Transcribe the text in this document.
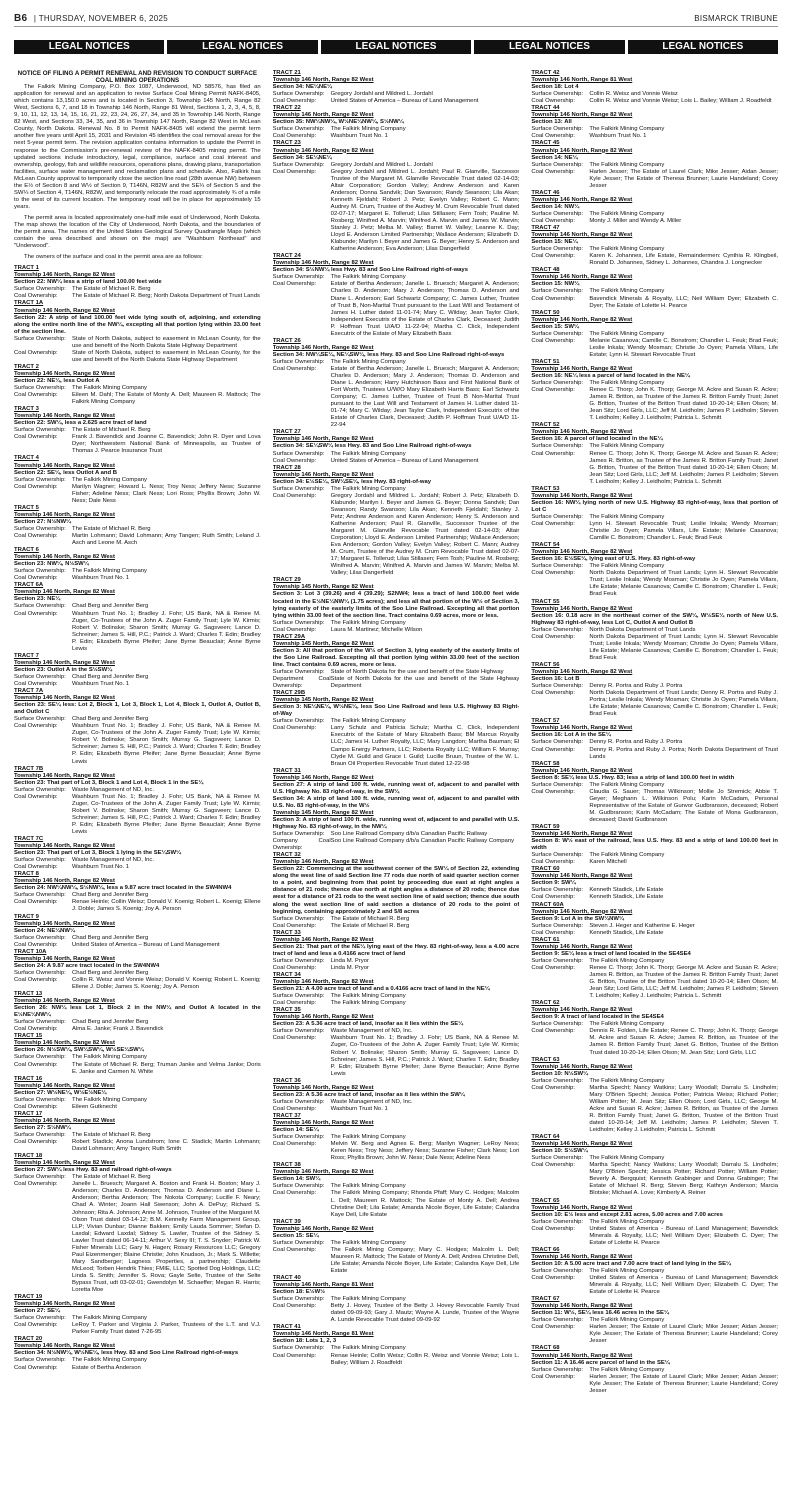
B6 | THURSDAY, NOVEMBER 6, 2025	BISMARCK TRIBUNE
LEGAL NOTICES	LEGAL NOTICES	LEGAL NOTICES	LEGAL NOTICES	LEGAL NOTICES

NOTICE OF FILING A PERMIT RENEWAL AND REVISION TO CONDUCT SURFACE COAL MINING OPERATIONS

The Falkirk Mining Company, P.O. Box 1087, Underwood, ND 58576, has filed an application for renewal and an application to revise Surface Coal Mining Permit NAFK-8405, which contains 13,150.0 acres and is located in Section 3, Township 145 North, Range 82 West, Sections 6, 7, and 18 in Township 146 North, Range 81 West, Sections 1, 2, 3, 4, 5, 8, 9, 10, 11, 12, 13, 14, 15, 16, 21, 22, 23, 24, 26, 27, 34, and 35 in Township 146 North, Range 82 West, and Sections 33, 34, 35, and 36 in Township 147 North, Range 82 West in McLean County, North Dakota. Renewal No. 8 to Permit NAFK-8405 will extend the permit term another five years until April 15, 2031 and Revision 45 identifies the coal removal areas for the next 5-year permit term. The revision application contains information to update the Permit in response to the Commission's pre-renewal review of the NAFK-8405 mining permit. The updated sections include introductory, legal, compliance, surface and coal interest and ownership, geology, fish and wildlife resources, operations plans, drawing plans, transportation facilities, surface water management and reclamation plans and schedule. Also, Falkirk has McLean County approval to temporarily close the section line road (28th avenue NW) between the E½ of Section 8 and W½ of Section 9, T146N, R82W and the SE¼ of Section 5 and the SW¼ of Section 4, T146N, R82W, and temporarily relocate the road approximately ¾ of a mile to the west of its current location. The temporary road will be in place for approximately 15 years.

The permit area is located approximately one-half mile east of Underwood, North Dakota. The map shows the location of the City of Underwood, North Dakota, and the boundaries of the permit area. The names of the United States Geological Survey Quadrangle Maps (which contain the area described and shown on the map) are "Washburn Northeast" and "Underwood".

The owners of the surface and coal in the permit area are as follows:

TRACT 1

Township 146 North, Range 82 West

Section 22: NW¼ less a strip of land 100.00 feet wide

Surface Ownership:	The Estate of Michael R. Berg
Coal Ownership:	The Estate of Michael R. Berg; North Dakota Department of Trust Lands

TRACT 1A

Township 146 North, Range 82 West

Section 22: A strip of land 100.00 feet wide lying south of, adjoining, and extending along the entire north line of the NW¼, excepting all that portion lying within 33.00 feet of the section line.

Surface Ownership:	State of North Dakota, subject to easement in McLean County, for the use and benefit of the North Dakota State Highway Department
Coal Ownership:	State of North Dakota, subject to easement in McLean County, for the use and benefit of the North Dakota State Highway Department

TRACT 2

Township 146 North, Range 82 West

Section 22: NE¼, less Outlot A

Surface Ownership:	The Falkirk Mining Company
Coal Ownership:	Eileen M. Dahl; The Estate of Monty A. Dell; Maureen R. Mattock; The Falkirk Mining Company

TRACT 3

Township 146 North, Range 82 West

Section 22: SW¼, less a 2.625 acre tract of land

Surface Ownership:	The Estate of Michael R. Berg
Coal Ownership:	Frank J. Bavendick and Joanne C. Bavendick; John R. Dyer and Lova Dyer; Northwestern National Bank of Minneapolis, as Trustee of Thomas J. Pearce Insurance Trust

TRACT 4

Township 146 North, Range 82 West

Section 22: SE¼, less Outlot A and B

Surface Ownership:	The Falkirk Mining Company
Coal Ownership:	Marilyn Wagner; Howard L. Ness; Troy Ness; Jeffery Ness; Suzanne Fisher; Adeline Ness; Clark Ness; Lori Ross; Phyllis Brown; John W. Ness; Dale Ness

TRACT 5

Township 146 North, Range 82 West

Section 27: N½NW¼

Surface Ownership:	The Estate of Michael R. Berg
Coal Ownership:	Martin Lohmann; David Lohmann; Amy Tangen; Ruth Smith; Leland J. Asch and Leone M. Asch

TRACT 6

Township 146 North, Range 82 West

Section 23: NW¼, N½SW¼

Surface Ownership:	The Falkirk Mining Company
Coal Ownership:	Washburn Trust No. 1

TRACT 6A

Township 146 North, Range 82 West

Section 23: NE¼

Surface Ownership:	Chad Berg and Jennifer Berg
Coal Ownership:	Washburn Trust No. 1; Bradley J. Fohr; US Bank, NA & Renee M. Zuger, Co-Trustees of the John A. Zuger Family Trust; Lyle W. Kirmis; Robert V. Bolinske; Sharon Smith; Murray G. Sagsveen; Lance D. Schreiner; James S. Hill, P.C.; Patrick J. Ward; Charles T. Edin; Bradley P. Edin; Elizabeth Byrne Pfeifer; Jane Byrne Beauclair; Anne Byrne Lewis

TRACT 7

Township 146 North, Range 82 West

Section 23: Outlot A in the S½SW¼

Surface Ownership:	Chad Berg and Jennifer Berg
Coal Ownership:	Washburn Trust No. 1

TRACT 7A

Township 146 North, Range 82 West

Section 23: SE¼ less: Lot 2, Block 1, Lot 3, Block 1, Lot 4, Block 1, Outlot A, Outlot B, and Outlot C

Surface Ownership:	Chad Berg and Jennifer Berg
Coal Ownership:	Washburn Trust No. 1; Bradley J. Fohr; US Bank, NA & Renee M. Zuger, Co-Trustees of the John A. Zuger Family Trust; Lyle W. Kirmis; Robert V. Bolinske; Sharon Smith; Murray G. Sagsveen; Lance D. Schreiner; James S. Hill, P.C.; Patrick J. Ward; Charles T. Edin; Bradley P. Edin; Elizabeth Byrne Pfeifer; Jane Byrne Beauclair; Anne Byrne Lewis

TRACT 7B

Township 146 North, Range 82 West

Section 23: That part of Lot 3, Block 1 and Lot 4, Block 1 in the SE¼

Surface Ownership:	Waste Management of ND, Inc.
Coal Ownership:	Washburn Trust No. 1; Bradley J. Fohr; US Bank, NA & Renee M. Zuger, Co-Trustees of the John A. Zuger Family Trust; Lyle W. Kirmis; Robert V. Bolinske; Sharon Smith; Murray G. Sagsveen; Lance D. Schreiner; James S. Hill, P.C.; Patrick J. Ward; Charles T. Edin; Bradley P. Edin; Elizabeth Byrne Pfeifer; Jane Byrne Beauclair; Anne Byrne Lewis

TRACT 7C

Township 146 North, Range 82 West

Section 23: That part of Lot 3, Block 1 lying in the SE¼SW¼

Surface Ownership:	Waste Management of ND, Inc.
Coal Ownership:	Washburn Trust No. 1

TRACT 8

Township 146 North, Range 82 West

Section 24: NW¼NW¼, S½NW¼, less a 9.87 acre tract located in the SW4NW4

Surface Ownership:	Chad Berg and Jennifer Berg
Coal Ownership:	Renae Heinle; Collin Weisz; Donald V. Koenig; Robert L. Koenig; Ellene J. Doble; James S. Koenig; Joy A. Person

TRACT 9

Township 146 North, Range 82 West

Section 24: NE¼NW¼

Surface Ownership:	Chad Berg and Jennifer Berg
Coal Ownership:	United States of America – Bureau of Land Management

TRACT 10A

Township 146 North, Range 82 West

Section 24: A 9.87 acre tract located in the SW4NW4

Surface Ownership:	Chad Berg and Jennifer Berg
Coal Ownership:	Collin R. Weisz and Vonnie Weisz; Donald V. Koenig; Robert L. Koenig; Ellene J. Doble; James S. Koenig; Joy A. Person

TRACT 13

Township 146 North, Range 82 West

Section 26: NW¼ less Lot 1, Block 2 in the NW¼ and Outlot A located in the E½NE¼NW¼

Surface Ownership:	Chad Berg and Jennifer Berg
Coal Ownership:	Alma E. Janke; Frank J. Bavendick

TRACT 15

Township 146 North, Range 82 West

Section 26: N½SW¼, SW¼SW¼, W½SE¼SW¼

Surface Ownership:	The Falkirk Mining Company
Coal Ownership:	The Estate of Michael R. Berg; Truman Janke and Velma Janke; Doris E. Janke and Carmen N. White

TRACT 16

Township 146 North, Range 82 West

Section 27: W½NE¼, W½E½NE¼

Surface Ownership:	The Falkirk Mining Company
Coal Ownership:	Eileen Gutknecht

TRACT 17

Township 146 North, Range 82 West

Section 27: S½NW¼

Surface Ownership:	The Estate of Michael R. Berg
Coal Ownership:	Robert Stadick; Anona Lundstrom; Ione C. Stadick; Martin Lohmann; David Lohmann; Amy Tangen; Ruth Smith

TRACT 18

Township 146 North, Range 82 West

Section 27: SW¼ less Hwy. 83 and railroad right-of-ways

Surface Ownership:	The Estate of Michael R. Berg
Coal Ownership:	Janelle L. Bruesch; Margaret A. Boston and Frank H. Boston; Mary J. Anderson; Charles D. Anderson; Thomas D. Anderson and Diane L. Anderson; Bertha Anderson; The Nokota Company; Lucille F. Neary; Chad A. Winter; Joann Hall Swenson; John A. DePuy; Richard S. Johnson; Rita A. Johnson; Anne M. Johnson, Trustee of the Margaret M. Olson Trust dated 03-14-12; B.M. Kennelly Farm Management Group, LLP; Vivian Dunbar; Dianne Bakken; Emily Lauda Sommer; Stefan D. Laxdal; Edward Laxdal; Sidney S. Lawler, Trustee of the Sidney S. Lawler Trust dated 06-14-11; Arthur V. Sexy III; T. S. Snyder; Patrick W. Fisher Minerals LLC; Gary N. Hagen; Rosary Resources LLC; Gregory Paul Eizenmenger; Blaine Christie; John Knudson, Jr.; Mark S. Willette; Mary Sandberger; Lagness Properties, a partnership; Claudette McLeod; Torben Hendrik Thies; FMIE, LLC; Spotted Dog Holdings, LLC; Linda S. Smith; Jennifer S. Rova; Gayle Selte, Trustee of the Selte Bypass Trust, udt 03-02-01; Gwendolyn M. Schaeffer; Megan R. Harris; Loretta Moe

TRACT 19

Township 146 North, Range 82 West

Section 27: SE¼

Surface Ownership:	The Falkirk Mining Company
Coal Ownership:	LeRoy T. Parker and Virginia J. Parker, Trustees of the L.T. and V.J. Parker Family Trust dated 7-26-95

TRACT 20

Township 146 North, Range 82 West

Section 34: N½NW¼, W½NE¼, less Hwy. 83 and Soo Line Railroad right-of-ways

Surface Ownership:	The Falkirk Mining Company
Coal Ownership:	Estate of Bertha Anderson

TRACT 21

Township 146 North, Range 82 West

Section 34: NE¼NE¼

Surface Ownership:	Gregory Jordahl and Mildred L. Jordahl
Coal Ownership:	United States of America – Bureau of Land Management

TRACT 22

Township 146 North, Range 82 West

Section 35: NW¼NW¼, W½NE¼NW¼, S½NW¼

Surface Ownership:	The Falkirk Mining Company
Coal Ownership:	Washburn Trust No. 1

TRACT 23

Township 146 North, Range 82 West

Section 34: SE¼NE¼

Surface Ownership:	Gregory Jordahl and Mildred L. Jordahl
Coal Ownership:	Gregory Jordahl and Mildred L. Jordahl; Paul R. Glanville, Successor Trustee of the Margaret M. Glanville Revocable Trust dated 02-14-03; Altair Corporation; Gordon Valley; Andrew Anderson and Karen Anderson; Donna Sandvik; Dan Swanson; Randy Swanson; Lila Akan; Kenneth Fjeldahl; Robert J. Petz; Evelyn Valley; Robert C. Mann; Audrey M. Crum, Trustee of the Audrey M. Crum Revocable Trust dated 02-07-17; Margaret E. Tollerud; Lilas Stillasen; Fern Tosh; Pauline M. Rosberg; Winifred A. Marvin; Winifred A. Marvin and James W. Marvin; Stanley J. Petz; Melba M. Valley; Barret W. Valley; Leanne K. Day; Lloyd E. Anderson Limited Partnership; Wallace Anderson; Elizabeth D. Klabunde; Marilyn I. Beyer and James G. Beyer; Henry S. Anderson and Katherine Anderson; Eva Anderson; Lilas Dangerfield

TRACT 24

Township 146 North, Range 82 West

Section 34: S½NW¼ less Hwy. 83 and Soo Line Railroad right-of-ways

Surface Ownership:	The Falkirk Mining Company
Coal Ownership:	Estate of Bertha Anderson; Janelle L. Bruesch; Margaret A. Anderson; Charles D. Anderson; Mary J. Anderson; Thomas D. Anderson and Diane L. Anderson; Earl Schwartz Company; C. James Luther, Trustee of Trust B, Non-Marital Trust pursuant to the Last Will and Testament of James H. Luther dated 11-01-74; Mary C. Wilday; Jean Taylor Clark, Independent Executrix of the Estate of Charles Clark, Deceased; Judith P. Hoffman Trust U/A/D 11-22-94; Martha C. Click, Independent Executrix of the Estate of Mary Elizabeth Bass

TRACT 26

Township 146 North, Range 82 West

Section 34: NW¼SE¼, NE¼SW¼, less Hwy. 83 and Soo Line Railroad right-of-ways

Surface Ownership:	The Falkirk Mining Company
Coal Ownership:	Estate of Bertha Anderson; Janelle L. Bruesch; Margaret A. Anderson; Charles D. Anderson; Mary J. Anderson; Thomas D. Anderson and Diane L. Anderson; Harry Hutchinson Bass and First National Bank of Fort Worth, Trustees U/W/O Mary Elizabeth Harris Bass; Earl Schwartz Company; C. James Luther, Trustee of Trust B Non-Marital Trust pursuant to the Last Will and Testament of James H. Luther dated 11-01-74; Mary C. Wilday; Jean Taylor Clark, Independent Executrix of the Estate of Charles Clark, Deceased; Judith P. Hoffman Trust U/A/D 11-22-94

TRACT 27

Township 146 North, Range 82 West

Section 34: SE¼SW¼ less Hwy. 83 and Soo Line Railroad right-of-ways

Surface Ownership:	The Falkirk Mining Company
Coal Ownership:	United States of America – Bureau of Land Management

TRACT 28

Township 146 North, Range 82 West

Section 34: E½SE¼, SW¼SE¼, less Hwy. 83 right-of-way

Surface Ownership:	The Falkirk Mining Company
Coal Ownership:	Gregory Jordahl and Mildred L. Jordahl; Robert J. Petz; Elizabeth D. Klabunde; Marilyn I. Beyer and James G. Beyer; Donna Sandvik; Dan Swanson; Randy Swanson; Lila Akan; Kenneth Fjeldahl; Stanley J. Petz; Andrew Anderson and Karen Anderson; Henry S. Anderson and Katherine Anderson; Paul R. Glanville, Successor Trustee of the Margaret M. Glanville Revocable Trust dated 02-14-03; Altair Corporation; Lloyd E. Anderson Limited Partnership; Wallace Anderson; Eva Anderson; Gordon Valley; Evelyn Valley; Robert C. Mann; Audrey M. Crum, Trustee of the Audrey M. Crum Revocable Trust dated 02-07-17; Margaret E. Tollerud; Lilas Stillasen; Fern Tosh; Pauline M. Rosberg; Winifred A. Marvin; Winifred A. Marvin and James W. Marvin; Melba M. Valley; Lilas Dangerfield

TRACT 29

Township 145 North, Range 82 West

Section 3: Lot 3 (39.26) and 4 (39.29); S2NW4; less a tract of land 100.00 feet wide located in the E½NE¼NW¼ (1.75 acres); and less all that portion of the W½ of Section 3, lying easterly of the easterly limits of the Soo Line Railroad. Excepting all that portion lying within 33.00 feet of the section line. Tract contains 0.69 acres, more or less.

Surface Ownership:	The Falkirk Mining Company
Coal Ownership:	Laura M. Martinez; Michelle Wilson

TRACT 29A

Township 145 North, Range 82 West

Section 3: All that portion of the W½ of Section 3, lying easterly of the easterly limits of the Soo Line Railroad. Excepting all that portion lying within 33.00 feet of the section line. Tract contains 0.69 acres, more or less.

Surface Ownership:	State of North Dakota for the use and benefit of the State Highway
Department Coal Ownership:
State of North Dakota for the use and benefit of the State Highway Department

TRACT 29B

Township 145 North, Range 82 West

Section 3: NE¼NE¼, W½NE¼, less Soo Line Railroad and less U.S. Highway 83 Right-of-Way

Surface Ownership:	The Falkirk Mining Company
Coal Ownership:	Larry Schulz and Patricia Schulz; Martha C. Click, Independent Executrix of the Estate of Mary Elizabeth Bass; BM Marcus Royalty LLC; James H. Luther Royalty, LLC; Mary Langdon; Martha Bauman; El Campo Energy Partners, LLC; Roberta Royalty LLC; William F. Murray; Clyde M. Guild and Grace I. Guild; Lucille Bruun, Trustee of the W. L. Braun Oil Properties Revocable Trust dated 12-22-98

TRACT 31

Township 146 North, Range 82 West

Section 27: A strip of land 100 ft. wide, running west of, adjacent to and parallel with U.S. Highway No. 83 right-of-way, in the SW¼

Section 34: A strip of land 100 ft. wide, running west of, adjacent to and parallel with U.S. No. 83 right-of-way, in the W½

Township 145 North, Range 82 West

Section 3: A strip of land 100 ft. wide, running west of, adjacent to and parallel with U.S. Highway No. 83 right-of-way, in the NW¼

Surface Ownership:	Soo Line Railroad Company d/b/a Canadian Pacific Railway
Company Coal Ownership:
Soo Line Railroad Company d/b/a Canadian Pacific Railway Company

TRACT 32

Township 146 North, Range 82 West

Section 22: Commencing at the southwest corner of the SW¼ of Section 22, extending along the west line of said Section line 77 rods due north of said quarter section corner to a point, and beginning from that point by proceeding due east at right angles a distance of 21 rods; thence due north at right angles a distance of 20 rods; thence due west for a distance of 21 rods to the west section line of said section; thence due south along the west section line of said section a distance of 20 rods to the point of beginning, containing approximately 2 and 5/8 acres

Surface Ownership:	The Estate of Michael R. Berg
Coal Ownership:	The Estate of Michael R. Berg

TRACT 33

Township 146 North, Range 82 West

Section 21: That part of the NE¼ lying east of the Hwy. 83 right-of-way, less a 4.00 acre tract of land and less a 0.4166 acre tract of land

Surface Ownership:	Linda M. Pryor
Coal Ownership:	Linda M. Pryor

TRACT 34

Township 146 North, Range 82 West

Section 21: A 4.00 acre tract of land and a 0.4166 acre tract of land in the NE¼

Surface Ownership:	The Falkirk Mining Company
Coal Ownership:	The Falkirk Mining Company

TRACT 35

Township 146 North, Range 82 West

Section 23: A 5.36 acre tract of land, insofar as it lies within the SE¼

Surface Ownership:	Waste Management of ND, Inc.
Coal Ownership:	Washburn Trust No. 1; Bradley J. Fohr; US Bank, NA & Renee M. Zuger, Co-Trustees of the John A. Zuger Family Trust; Lyle W. Kirmis; Robert V. Bolinske; Sharon Smith; Murray G. Sagsveen; Lance D. Schreiner; James S. Hill, P.C.; Patrick J. Ward; Charles T. Edin; Bradley P. Edin; Elizabeth Byrne Pfeifer; Jane Byrne Beauclair; Anne Byrne Lewis

TRACT 36

Township 146 North, Range 82 West

Section 23: A 5.36 acre tract of land, insofar as it lies within the SW¼

Surface Ownership:	Waste Management of ND, Inc.
Coal Ownership:	Washburn Trust No. 1

TRACT 37

Township 146 North, Range 82 West

Section 14: SE¼

Surface Ownership:	The Falkirk Mining Company
Coal Ownership:	Melvin W. Berg and Agnes E. Berg; Marilyn Wagner; LeRoy Ness; Keren Ness; Troy Ness; Jeffery Ness; Suzanne Fisher; Clark Ness; Lori Ross; Phyllis Brown; John W. Ness; Dale Ness; Adeline Ness

TRACT 38

Township 146 North, Range 82 West

Section 14: SW¼

Surface Ownership:	The Falkirk Mining Company
Coal Ownership:	The Falkirk Mining Company; Rhonda Pfaff; Mary C. Hodges; Malcolm L. Dell; Maureen R. Mattock; The Estate of Monty A. Dell; Andrea Christine Dell; Lila Estate; Amanda Nicole Boyer, Life Estate; Calandra Kaye Dell, Life Estate

TRACT 39

Township 146 North, Range 82 West

Section 15: SE¼

Surface Ownership:	The Falkirk Mining Company
Coal Ownership:	The Falkirk Mining Company; Mary C. Hodges; Malcolm L. Dell; Maureen R. Mattock; The Estate of Monty A. Dell; Andrea Christine Dell, Life Estate; Amanda Nicole Boyer, Life Estate; Calandra Kaye Dell, Life Estate

TRACT 40

Township 146 North, Range 81 West

Section 18: E½W½

Surface Ownership:	The Falkirk Mining Company
Coal Ownership:	Betty J. Hovey, Trustee of the Betty J. Hovey Revocable Family Trust dated 09-09-93; Gary J. Mautz; Wayne A. Lunde, Trustee of the Wayne A. Lunde Revocable Trust dated 09-09-92

TRACT 41

Township 146 North, Range 81 West

Section 18: Lots 1, 2, 3

Surface Ownership:	The Falkirk Mining Company
Coal Ownership:	Renae Heinle; Collin Weisz; Collin R. Weisz and Vonnie Weisz; Lois L. Bailey; William J. Roadfeldt

TRACT 42

Township 146 North, Range 81 West

Section 18: Lot 4

Surface Ownership:	Collin R. Weisz and Vonnie Weisz
Coal Ownership:	Collin R. Weisz and Vonnie Weisz; Lois L. Bailey; William J. Roadfeldt

TRACT 44

Township 146 North, Range 82 West

Section 13: All

Surface Ownership:	The Falkirk Mining Company
Coal Ownership:	Washburn Trust No. 1

TRACT 45

Township 146 North, Range 82 West

Section 14: NE¼

Surface Ownership:	The Falkirk Mining Company
Coal Ownership:	Harlen Jesser; The Estate of Laurel Clark; Mike Jesser; Aidan Jesser; Kyle Jesser; The Estate of Theresa Brunner; Laurie Handeland; Corey Jesser

TRACT 46

Township 146 North, Range 82 West

Section 14: NW¼

Surface Ownership:	The Falkirk Mining Company
Coal Ownership:	Monty J. Miller and Wendy A. Miller

TRACT 47

Township 146 North, Range 82 West

Section 15: NE¼

Surface Ownership:	The Falkirk Mining Company
Coal Ownership:	Karen K. Johannes, Life Estate, Remaindermen: Cynthia R. Klingbeil, Ronald D. Johannes, Sidney L. Johannes, Chandra J. Longnecker

TRACT 48

Township 146 North, Range 82 West

Section 15: NW¼

Surface Ownership:	The Falkirk Mining Company
Coal Ownership:	Bavendick Minerals & Royalty, LLC; Neil William Dyer; Elizabeth C. Dyer; The Estate of Lolette H. Pearce

TRACT 50

Township 146 North, Range 82 West

Section 15: SW¼

Surface Ownership:	The Falkirk Mining Company
Coal Ownership:	Melanie Casanova; Camille C. Bonstrom; Chandler L. Feuk; Brad Feuk; Leslie Inkala; Wendy Mosman; Christie Jo Oyen; Pamela Villars, Life Estate; Lynn H. Stewart Revocable Trust

TRACT 51

Township 146 North, Range 82 West

Section 16: NE¼ less a parcel of land located in the NE¼

Surface Ownership:	The Falkirk Mining Company
Coal Ownership:	Renee C. Thorp; John K. Thorp; George M. Ackre and Susan R. Ackre; James R. Britton, as Trustee of the James R. Britton Family Trust; Janet G. Britton, Trustee of the Britton Trust dated 10-20-14; Ellen Olson; M. Jean Sitz; Lord Girls, LLC; Jeff M. Leidholm; James P. Leidholm; Steven T. Leidholm; Kelley J. Leidholm; Patricia L. Schmitt

TRACT 52

Township 146 North, Range 82 West

Section 16: A parcel of land located in the NE¼

Surface Ownership:	The Falkirk Mining Company
Coal Ownership:	Renee C. Thorp; John K. Thorp; George M. Ackre and Susan R. Ackre; James R. Britton, as Trustee of the James R. Britton Family Trust; Janet G. Britton, Trustee of the Britton Trust dated 10-20-14; Ellen Olson; M. Jean Sitz; Lord Girls, LLC; Jeff M. Leidholm; James P. Leidholm; Steven T. Leidholm; Kelley J. Leidholm; Patricia L. Schmitt

TRACT 53

Township 146 North, Range 82 West

Section 16: NW¼ lying north of new U.S. Highway 83 right-of-way, less that portion of Lot C

Surface Ownership:	The Falkirk Mining Company
Coal Ownership:	Lynn H. Stewart Revocable Trust; Leslie Inkala; Wendy Mosman; Christie Jo Oyen; Pamela Villars, Life Estate; Melanie Casanova; Camille C. Bonstrom; Chandler L. Feuk; Brad Feuk

TRACT 54

Township 146 North, Range 82 West

Section 16: E½SE¼, lying east of U.S. Hwy. 83 right-of-way

Surface Ownership:	The Falkirk Mining Company
Coal Ownership:	North Dakota Department of Trust Lands; Lynn H. Stewart Revocable Trust; Leslie Inkala; Wendy Mosman; Christie Jo Oyen; Pamela Villars, Life Estate; Melanie Casanova; Camille C. Bonstrom; Chandler L. Feuk; Brad Feuk

TRACT 55

Township 146 North, Range 82 West

Section 16: 0.18 acre in the northeast corner of the SW¼, W½SE¼ north of New U.S. Highway 83 right-of-way, less Lot C, Outlot A and Outlot B

Surface Ownership:	North Dakota Department of Trust Lands
Coal Ownership:	North Dakota Department of Trust Lands; Lynn H. Stewart Revocable Trust; Leslie Inkala; Wendy Mosman; Christie Jo Oyen; Pamela Villars, Life Estate; Melanie Casanova; Camille C. Bonstrom; Chandler L. Feuk; Brad Feuk

TRACT 56

Township 146 North, Range 82 West

Section 16: Lot B

Surface Ownership:	Denny R. Portra and Ruby J. Portra
Coal Ownership:	North Dakota Department of Trust Lands; Denny R. Portra and Ruby J. Portra; Leslie Inkala; Wendy Mosman; Christie Jo Oyen; Pamela Villars, Life Estate; Melanie Casanova; Camille C. Bonstrom; Chandler L. Feuk; Brad Feuk

TRACT 57

Township 146 North, Range 82 West

Section 16: Lot A in the SE¼

Surface Ownership:	Denny R. Portra and Ruby J. Portra
Coal Ownership:	Denny R. Portra and Ruby J. Portra; North Dakota Department of Trust Lands

TRACT 58

Township 146 North, Range 82 West

Section 8: SE¼ less U.S. Hwy. 83; less a strip of land 100.00 feet in width

Surface Ownership:	The Falkirk Mining Company
Coal Ownership:	Claudia G. Sauer; Thomas Wilkinson; Mollie Jo Stremick; Abbie T. Geyer; Meghann L. Wilkinson Polu; Karin McCadam, Personal Representative of the Estate of Gunvor Gudbranson, deceased; Robert M. Gudbranson; Karin McCadam; The Estate of Mona Gudbranson, deceased; David Gudbranson

TRACT 59

Township 146 North, Range 82 West

Section 8: W½ east of the railroad, less U.S. Hwy. 83 and a strip of land 100.00 feet in width

Surface Ownership:	The Falkirk Mining Company
Coal Ownership:	Karen Mitchell

TRACT 60

Township 146 North, Range 82 West

Section 9: SW¼

Surface Ownership:	Kenneth Stadick, Life Estate
Coal Ownership:	Kenneth Stadick, Life Estate

TRACT 60A

Township 146 North, Range 82 West

Section 9: Lot A in the SW¼NW¼

Surface Ownership:	Steven J. Heger and Katherine E. Heger
Coal Ownership:	Kenneth Stadick, Life Estate

TRACT 61

Township 146 North, Range 82 West

Section 9: SE¼ less a tract of land located in the SE4SE4

Surface Ownership:	The Falkirk Mining Company
Coal Ownership:	Renee C. Thorp; John K. Thorp; George M. Ackre and Susan R. Ackre; James R. Britton, as Trustee of the James R. Britton Family Trust; Janet G. Britton, Trustee of the Britton Trust dated 10-20-14; Ellen Olson; M. Jean Sitz; Lord Girls, LLC; Jeff M. Leidholm; James P. Leidholm; Steven T. Leidholm; Kelley J. Leidholm; Patricia L. Schmitt

TRACT 62

Township 146 North, Range 82 West

Section 9: A tract of land located in the SE4SE4

Surface Ownership:	The Falkirk Mining Company
Coal Ownership:	Dennis R. Folden, Life Estate; Renee C. Thorp; John K. Thorp; George M. Ackre and Susan R. Ackre; James R. Britton, as Trustee of the James R. Britton Family Trust; Janet G. Britton, Trustee of the Britton Trust dated 10-20-14; Ellen Olson; M. Jean Sitz; Lord Girls, LLC

TRACT 63

Township 146 North, Range 82 West

Section 10: N½SW¼

Surface Ownership:	The Falkirk Mining Company
Coal Ownership:	Martha Specht; Nancy Watkins; Larry Woodall; Darralu S. Lindholm; Mary O'Brien Specht; Jessica Potter; Patricia Weiss; Richard Potter; William Potter; M. Jean Sitz; Ellen Olson; Lord Girls, LLC; George M. Ackre and Susan R. Ackre; James R. Britton, as Trustee of the James R. Britton Family Trust; Janet G. Britton, Trustee of the Britton Trust dated 10-20-14; Jeff M. Leidholm; James P. Leidholm; Steven T. Leidholm; Kelley J. Leidholm; Patricia L. Schmitt

TRACT 64

Township 146 North, Range 82 West

Section 10: S½SW¼

Surface Ownership:	The Falkirk Mining Company
Coal Ownership:	Martha Specht; Nancy Watkins; Larry Woodall; Darralu S. Lindholm; Mary O'Brien Specht; Jessica Potter; Richard Potter; William Potter; Beverly A. Bergquist; Kenneth Grabinger and Donna Grabinger; The Estate of Michael R. Berg; Steven Berg; Kathryn Anderson; Marcia Blotske; Michael A. Love; Kimberly A. Reiner

TRACT 65

Township 146 North, Range 82 West

Section 10: E½ less and except 2.81 acres, 5.00 acres and 7.00 acres

Surface Ownership:	The Falkirk Mining Company
Coal Ownership:	United States of America - Bureau of Land Management; Bavendick Minerals & Royalty, LLC; Neil William Dyer; Elizabeth C. Dyer; The Estate of Lolette H. Pearce

TRACT 66

Township 146 North, Range 82 West

Section 10: A 5.00 acre tract and 7.00 acre tract of land lying in the SE¼

Surface Ownership:	The Falkirk Mining Company
Coal Ownership:	United States of America - Bureau of Land Management; Bavendick Minerals & Royalty, LLC; Neil William Dyer; Elizabeth C. Dyer; The Estate of Lolette H. Pearce

TRACT 67

Township 146 North, Range 82 West

Section 11: W½, SE¼ less 16.46 acres in the SE¼

Surface Ownership:	The Falkirk Mining Company
Coal Ownership:	Harlen Jesser; The Estate of Laurel Clark; Mike Jesser; Aidan Jesser; Kyle Jesser; The Estate of Theresa Brunner; Laurie Handeland; Corey Jesser

TRACT 68

Township 146 North, Range 82 West

Section 11: A 16.46 acre parcel of land in the SE¼

Surface Ownership:	The Falkirk Mining Company
Coal Ownership:	Harlen Jesser; The Estate of Laurel Clark; Mike Jesser; Aidan Jesser; Kyle Jesser; The Estate of Theresa Brunner; Laurie Handeland; Corey Jesser
